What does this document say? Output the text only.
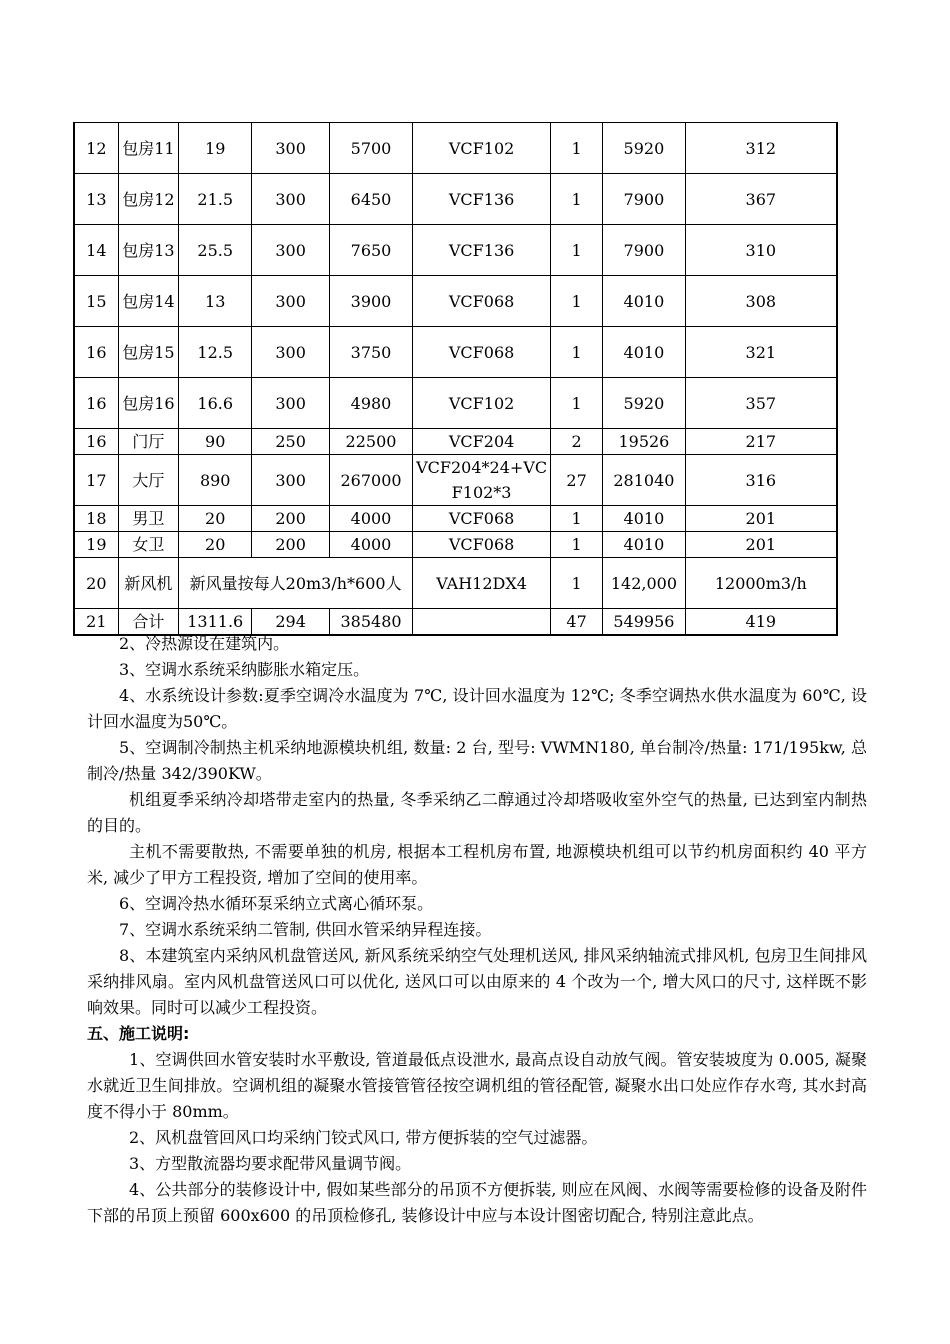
12	包房11	19	300	5700	VCF102	1	5920	312
13	包房12	21.5	300	6450	VCF136	1	7900	367
14	包房13	25.5	300	7650	VCF136	1	7900	310
15	包房14	13	300	3900	VCF068	1	4010	308
16	包房15	12.5	300	3750	VCF068	1	4010	321
16	包房16	16.6	300	4980	VCF102	1	5920	357
16	门厅	90	250	22500	VCF204	2	19526	217
17	大厅	890	300	267000	VCF204*24+VCF102*3	27	281040	316
18	男卫	20	200	4000	VCF068	1	4010	201
19	女卫	20	200	4000	VCF068	1	4010	201
20	新风机	新风量按每人20m3/h*600人			VAH12DX4	1	142,000	12000m3/h
21	合计	1311.6	294	385480		47	549956	419

2、冷热源设在建筑内。

3、空调水系统采纳膨胀水箱定压。

4、水系统设计参数:夏季空调冷水温度为 7℃, 设计回水温度为 12℃; 冬季空调热水供水温度为 60℃, 设计回水温度为50℃。

5、空调制冷制热主机采纳地源模块机组, 数量: 2 台, 型号: VWMN180, 单台制冷/热量: 171/195kw, 总制冷/热量 342/390KW。

机组夏季采纳冷却塔带走室内的热量, 冬季采纳乙二醇通过冷却塔吸收室外空气的热量, 已达到室内制热的目的。

主机不需要散热, 不需要单独的机房, 根据本工程机房布置, 地源模块机组可以节约机房面积约 40 平方米, 减少了甲方工程投资, 增加了空间的使用率。

6、空调冷热水循环泵采纳立式离心循环泵。

7、空调水系统采纳二管制, 供回水管采纳异程连接。

8、本建筑室内采纳风机盘管送风, 新风系统采纳空气处理机送风, 排风采纳轴流式排风机, 包房卫生间排风采纳排风扇。室内风机盘管送风口可以优化, 送风口可以由原来的 4 个改为一个, 增大风口的尺寸, 这样既不影响效果。同时可以减少工程投资。

五、施工说明:

1、空调供回水管安装时水平敷设, 管道最低点设泄水, 最高点设自动放气阀。管安装坡度为 0.005, 凝聚水就近卫生间排放。空调机组的凝聚水管接管管径按空调机组的管径配管, 凝聚水出口处应作存水弯, 其水封高度不得小于 80mm。

2、风机盘管回风口均采纳门铰式风口, 带方便拆装的空气过滤器。

3、方型散流器均要求配带风量调节阀。

4、公共部分的装修设计中, 假如某些部分的吊顶不方便拆装, 则应在风阀、水阀等需要检修的设备及附件下部的吊顶上预留 600x600 的吊顶检修孔, 装修设计中应与本设计图密切配合, 特别注意此点。
